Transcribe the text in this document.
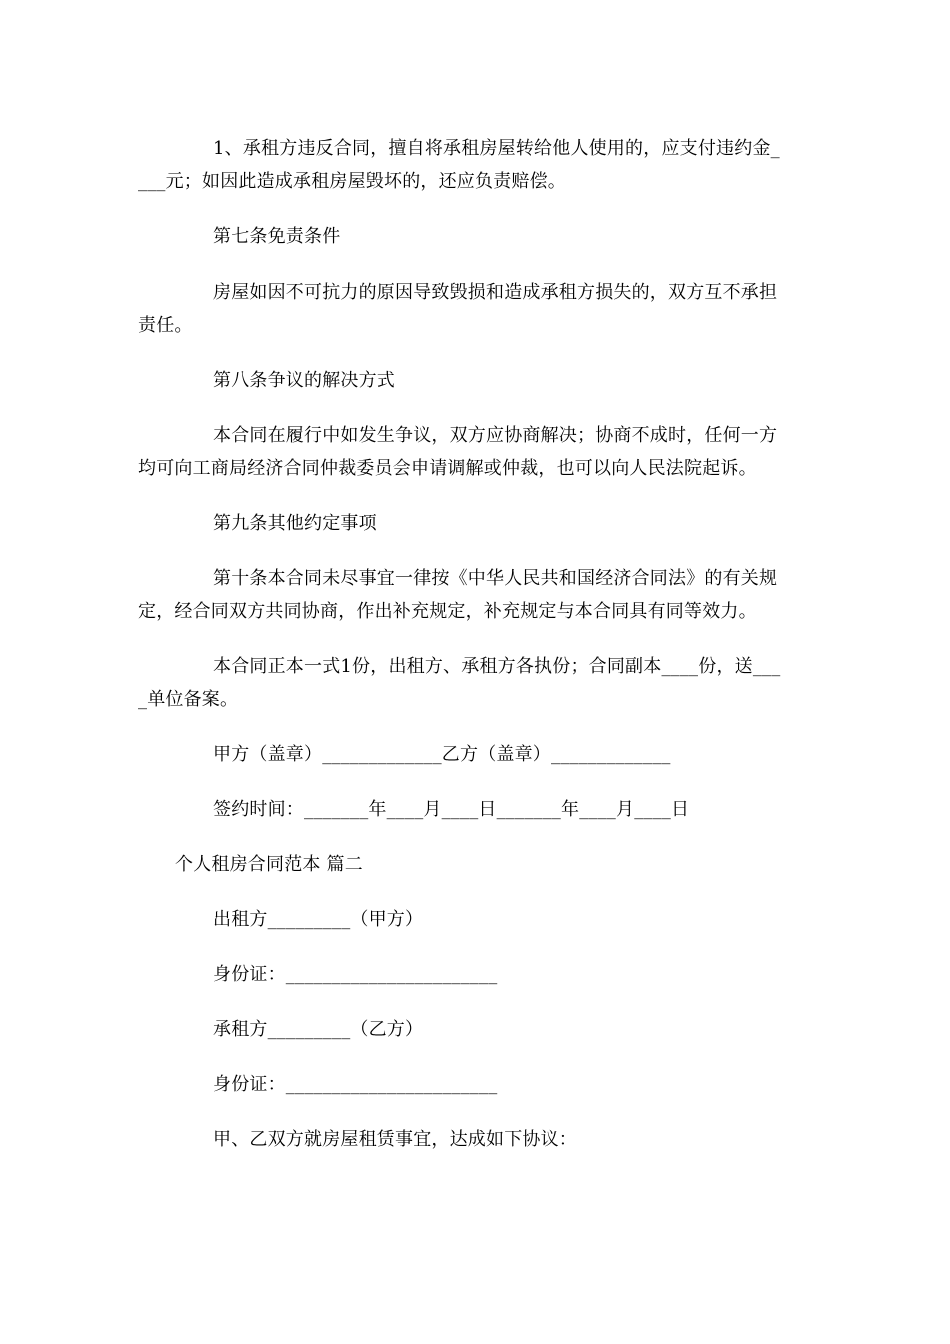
1、承租方违反合同，擅自将承租房屋转给他人使用的，应支付违约金_
___元；如因此造成承租房屋毁坏的，还应负责赔偿。
第七条免责条件
房屋如因不可抗力的原因导致毁损和造成承租方损失的，双方互不承担
责任。
第八条争议的解决方式
本合同在履行中如发生争议，双方应协商解决；协商不成时，任何一方
均可向工商局经济合同仲裁委员会申请调解或仲裁，也可以向人民法院起诉。
第九条其他约定事项
第十条本合同未尽事宜一律按《中华人民共和国经济合同法》的有关规
定，经合同双方共同协商，作出补充规定，补充规定与本合同具有同等效力。
本合同正本一式1份，出租方、承租方各执份；合同副本____份，送___
_单位备案。
甲方（盖章）_____________乙方（盖章）_____________
签约时间：_______年____月____日_______年____月____日
个人租房合同范本 篇二
出租方_________（甲方）
身份证：_______________________
承租方_________（乙方）
身份证：_______________________
甲、乙双方就房屋租赁事宜，达成如下协议：
